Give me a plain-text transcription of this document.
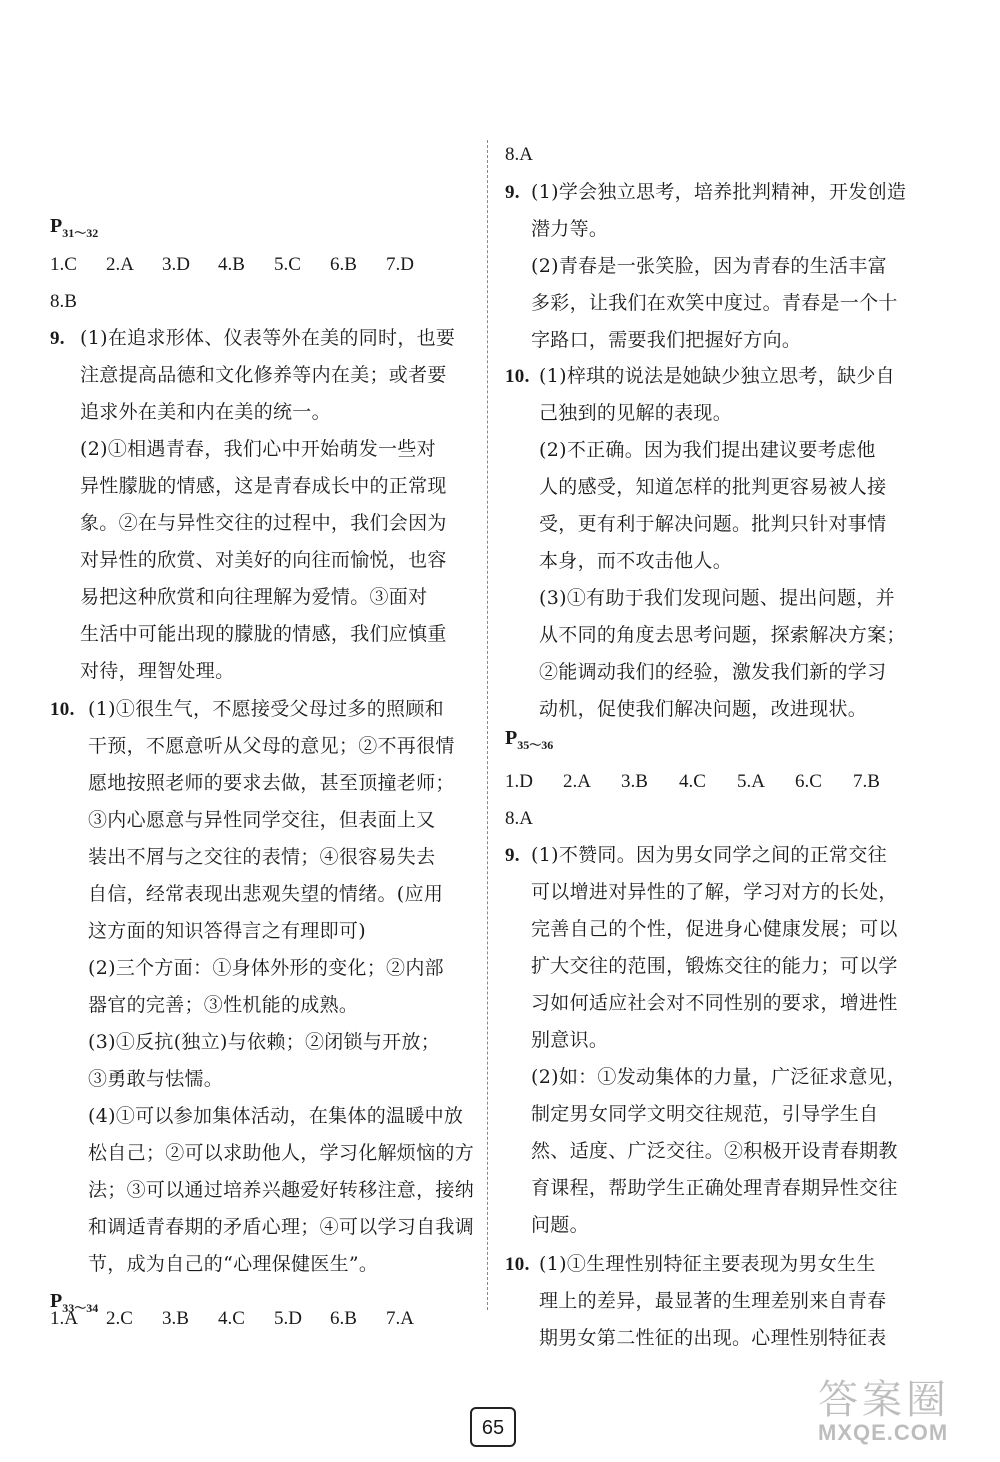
$P_{31\sim 32}$
1.C 2.A 3.D 4.B 5.C 6.B 7.D
8.B
9. (1)在追求形体、仪表等外在美的同时，也要
注意提高品德和文化修养等内在美；或者要
追求外在美和内在美的统一。
(2)①相遇青春，我们心中开始萌发一些对
异性朦胧的情感，这是青春成长中的正常现
象。②在与异性交往的过程中，我们会因为
对异性的欣赏、对美好的向往而愉悦，也容
易把这种欣赏和向往理解为爱情。③面对
生活中可能出现的朦胧的情感，我们应慎重
对待，理智处理。
10. (1)①很生气，不愿接受父母过多的照顾和
干预，不愿意听从父母的意见；②不再很情
愿地按照老师的要求去做，甚至顶撞老师；
③内心愿意与异性同学交往，但表面上又
装出不屑与之交往的表情；④很容易失去
自信，经常表现出悲观失望的情绪。(应用
这方面的知识答得言之有理即可)
(2)三个方面：①身体外形的变化；②内部
器官的完善；③性机能的成熟。
(3)①反抗(独立)与依赖；②闭锁与开放；
③勇敢与怯懦。
(4)①可以参加集体活动，在集体的温暖中放
松自己；②可以求助他人，学习化解烦恼的方
法；③可以通过培养兴趣爱好转移注意，接纳
和调适青春期的矛盾心理；④可以学习自我调
节，成为自己的“心理保健医生”。
$P_{33\sim 34}$
1.A 2.C 3.B 4.C 5.D 6.B 7.A
8.A
9. (1)学会独立思考，培养批判精神，开发创造
潜力等。
(2)青春是一张笑脸，因为青春的生活丰富
多彩，让我们在欢笑中度过。青春是一个十
字路口，需要我们把握好方向。
10. (1)梓琪的说法是她缺少独立思考，缺少自
己独到的见解的表现。
(2)不正确。因为我们提出建议要考虑他
人的感受，知道怎样的批判更容易被人接
受，更有利于解决问题。批判只针对事情
本身，而不攻击他人。
(3)①有助于我们发现问题、提出问题，并
从不同的角度去思考问题，探索解决方案；
②能调动我们的经验，激发我们新的学习
动机，促使我们解决问题，改进现状。
$P_{35\sim 36}$
1.D 2.A 3.B 4.C 5.A 6.C 7.B
8.A
9. (1)不赞同。因为男女同学之间的正常交往
可以增进对异性的了解，学习对方的长处，
完善自己的个性，促进身心健康发展；可以
扩大交往的范围，锻炼交往的能力；可以学
习如何适应社会对不同性别的要求，增进性
别意识。
(2)如：①发动集体的力量，广泛征求意见，
制定男女同学文明交往规范，引导学生自
然、适度、广泛交往。②积极开设青春期教
育课程，帮助学生正确处理青春期异性交往
问题。
10. (1)①生理性别特征主要表现为男女生生
理上的差异，最显著的生理差别来自青春
期男女第二性征的出现。心理性别特征表
65
答案圈
MXQE.COM
